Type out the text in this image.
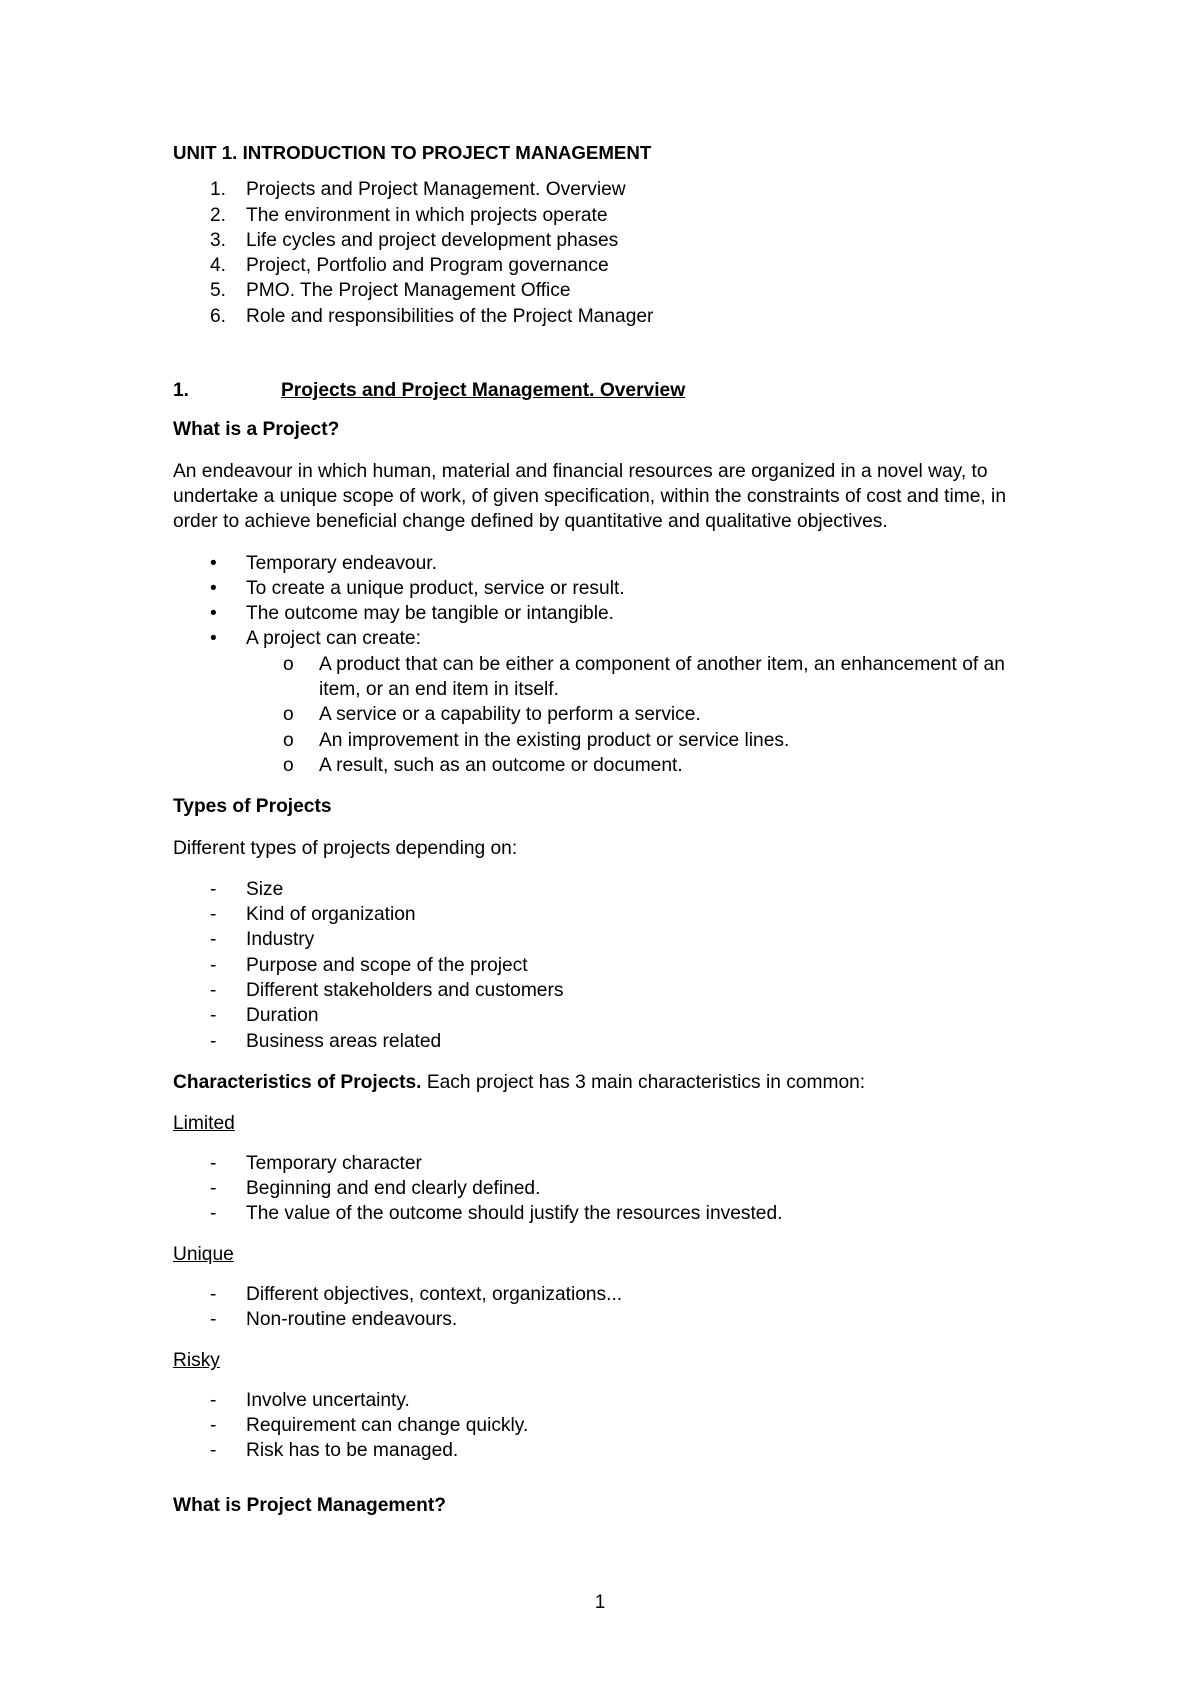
UNIT 1. INTRODUCTION TO PROJECT MANAGEMENT
1. Projects and Project Management. Overview
2. The environment in which projects operate
3. Life cycles and project development phases
4. Project, Portfolio and Program governance
5. PMO. The Project Management Office
6. Role and responsibilities of the Project Manager
1.	Projects and Project Management. Overview
What is a Project?
An endeavour in which human, material and financial resources are organized in a novel way, to undertake a unique scope of work, of given specification, within the constraints of cost and time, in order to achieve beneficial change defined by quantitative and qualitative objectives.
• Temporary endeavour.
• To create a unique product, service or result.
• The outcome may be tangible or intangible.
• A project can create:
o A product that can be either a component of another item, an enhancement of an item, or an end item in itself.
o A service or a capability to perform a service.
o An improvement in the existing product or service lines.
o A result, such as an outcome or document.
Types of Projects
Different types of projects depending on:
- Size
- Kind of organization
- Industry
- Purpose and scope of the project
- Different stakeholders and customers
- Duration
- Business areas related
Characteristics of Projects. Each project has 3 main characteristics in common:
Limited
- Temporary character
- Beginning and end clearly defined.
- The value of the outcome should justify the resources invested.
Unique
- Different objectives, context, organizations...
- Non-routine endeavours.
Risky
- Involve uncertainty.
- Requirement can change quickly.
- Risk has to be managed.
What is Project Management?
1
